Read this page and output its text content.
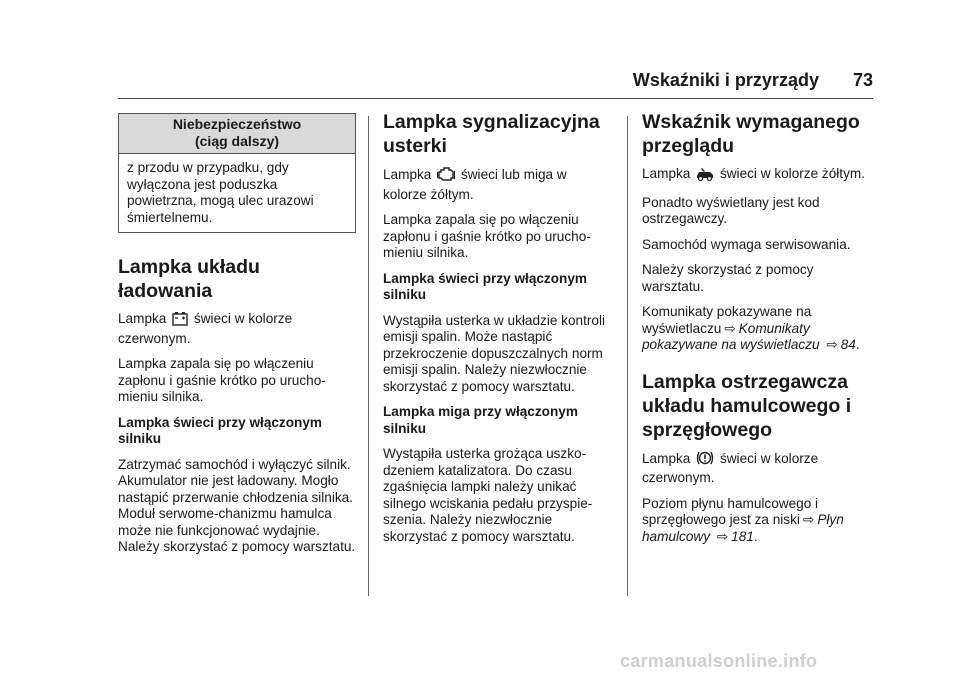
Wskaźniki i przyrządy 73
Niebezpieczeństwo
(ciąg dalszy)
z przodu w przypadku, gdy wyłączona jest poduszka powietrzna, mogą ulec urazowi śmiertelnemu.
Lampka układu ładowania

Lampka świeci w kolorze czerwonym.

Lampka zapala się po włączeniu zapłonu i gaśnie krótko po urucho-mieniu silnika.

Lampka świeci przy włączonym silniku

Zatrzymać samochód i wyłączyć silnik. Akumulator nie jest ładowany. Mogło nastąpić przerwanie chłodzenia silnika. Moduł serwome-chanizmu hamulca może nie funkcjonować wydajnie. Należy skorzystać z pomocy warsztatu.

Lampka sygnalizacyjna usterki

Lampka świeci lub miga w kolorze żółtym.

Lampka zapala się po włączeniu zapłonu i gaśnie krótko po urucho-mieniu silnika.

Lampka świeci przy włączonym silniku

Wystąpiła usterka w układzie kontroli emisji spalin. Może nastąpić przekroczenie dopuszczalnych norm emisji spalin. Należy niezwłocznie skorzystać z pomocy warsztatu.

Lampka miga przy włączonym silniku

Wystąpiła usterka grożąca uszko-dzeniem katalizatora. Do czasu zgaśnięcia lampki należy unikać silnego wciskania pedału przyspie-szenia. Należy niezwłocznie skorzystać z pomocy warsztatu.

Wskaźnik wymaganego przeglądu

Lampka świeci w kolorze żółtym.

Ponadto wyświetlany jest kod ostrzegawczy.

Samochód wymaga serwisowania.

Należy skorzystać z pomocy warsztatu.

Komunikaty pokazywane na wyświetlaczu ⇨ Komunikaty pokazywane na wyświetlaczu ⇨ 84.

Lampka ostrzegawcza układu hamulcowego i sprzęgłowego

Lampka świeci w kolorze czerwonym.

Poziom płynu hamulcowego i sprzęgłowego jest za niski ⇨ Płyn hamulcowy ⇨ 181.

carmanualsonline.info
